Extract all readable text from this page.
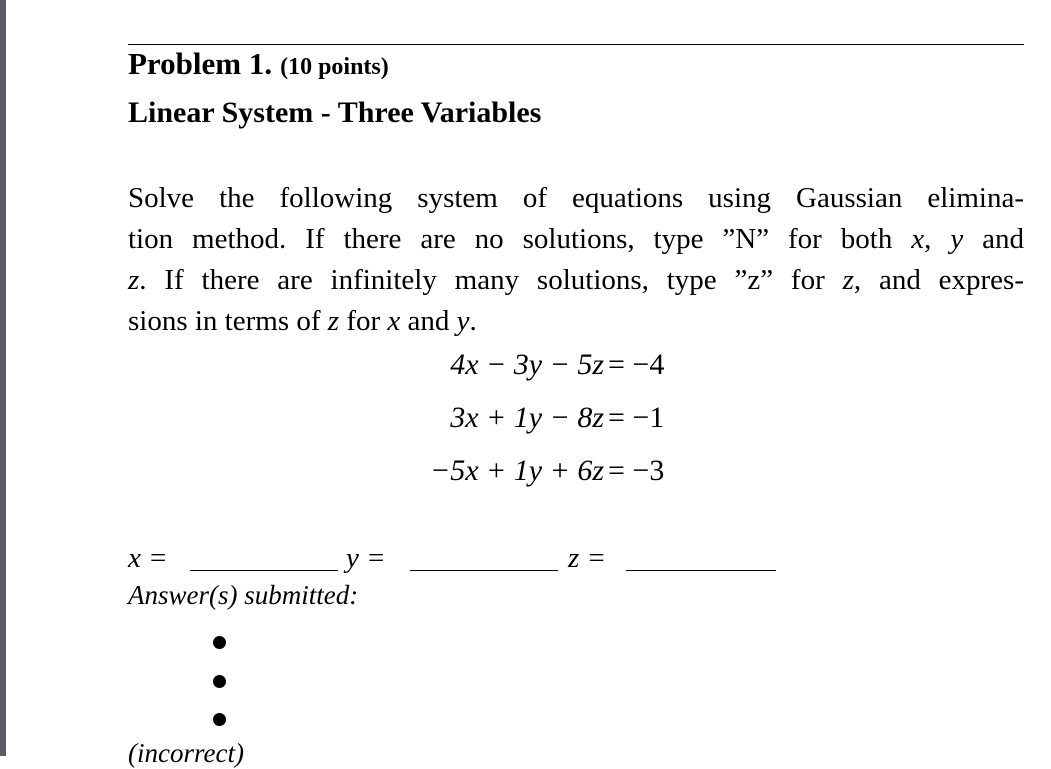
Problem 1. (10 points)
Linear System - Three Variables
Solve the following system of equations using Gaussian elimina-
tion method. If there are no solutions, type ”N” for both x, y and
z. If there are infinitely many solutions, type ”z” for z, and expres-
sions in terms of z for x and y.
4x − 3y − 5z = −4
3x + 1y − 8z = −1
−5x + 1y + 6z = −3
x =	y =	z =
Answer(s) submitted:
(incorrect)
